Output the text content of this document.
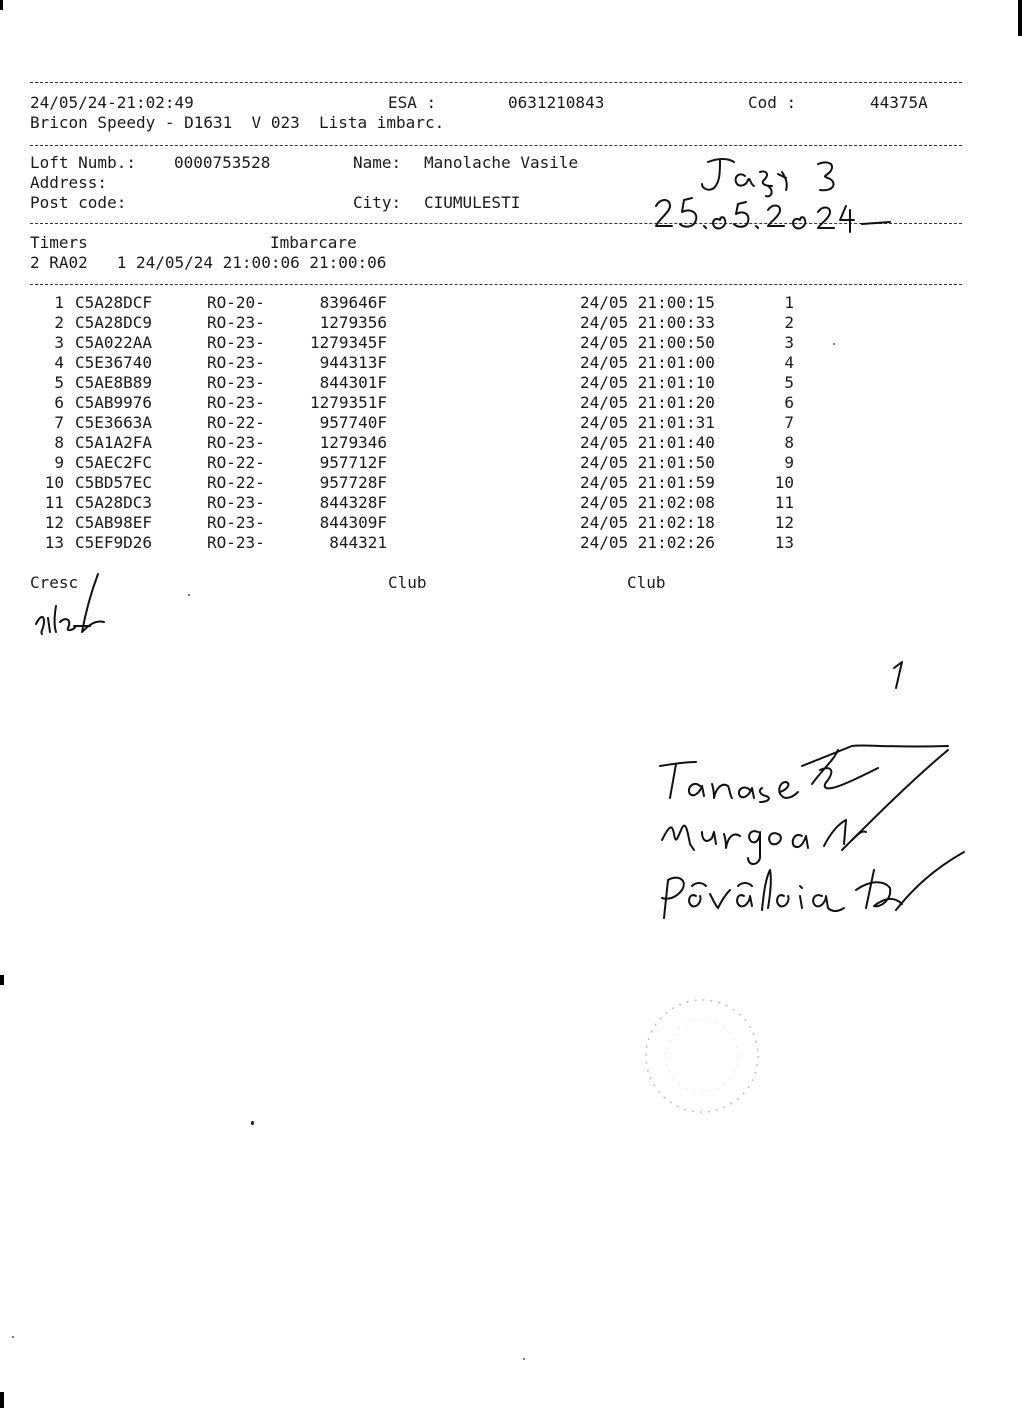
24/05/24-21:02:49	ESA :	0631210843	Cod :	44375A
Bricon Speedy - D1631  V 023  Lista imbarc.
Loft Numb.: 0000753528	Name: Manolache Vasile
Address:
Post code:	City: CIUMULESTI
Timers	Imbarcare
2 RA02   1 24/05/24 21:00:06 21:00:06
1 C5A28DCF	RO-20-	839646F	24/05 21:00:15	1
2 C5A28DC9	RO-23-	1279356	24/05 21:00:33	2
3 C5A022AA	RO-23-	1279345F	24/05 21:00:50	3
4 C5E36740	RO-23-	944313F	24/05 21:01:00	4
5 C5AE8B89	RO-23-	844301F	24/05 21:01:10	5
6 C5AB9976	RO-23-	1279351F	24/05 21:01:20	6
7 C5E3663A	RO-22-	957740F	24/05 21:01:31	7
8 C5A1A2FA	RO-23-	1279346	24/05 21:01:40	8
9 C5AEC2FC	RO-22-	957712F	24/05 21:01:50	9
10 C5BD57EC	RO-22-	957728F	24/05 21:01:59	10
11 C5A28DC3	RO-23-	844328F	24/05 21:02:08	11
12 C5AB98EF	RO-23-	844309F	24/05 21:02:18	12
13 C5EF9D26	RO-23-	844321	24/05 21:02:26	13
Cresc	Club	Club
